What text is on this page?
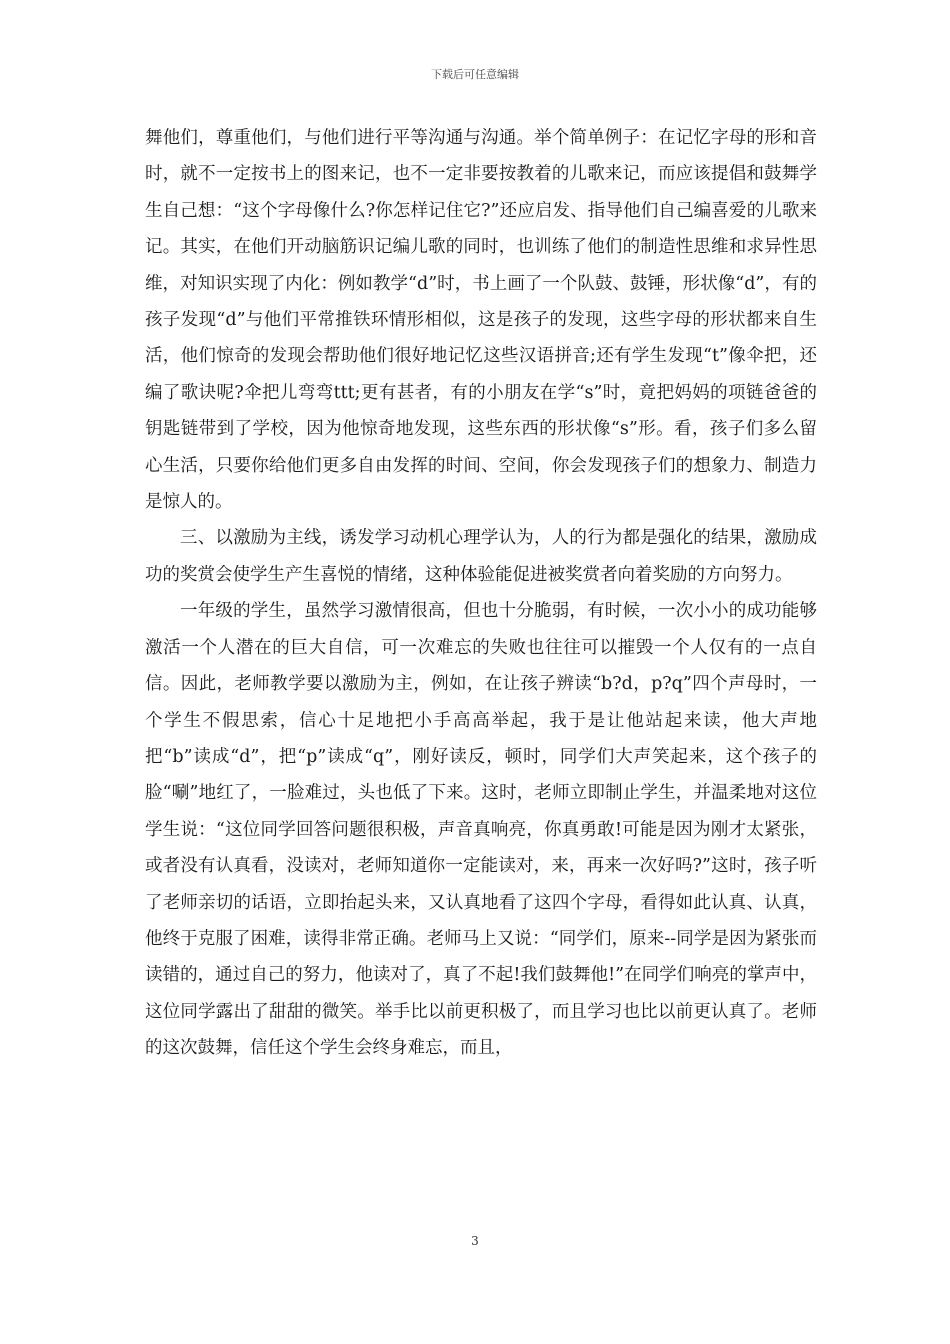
下载后可任意编辑

舞他们，尊重他们，与他们进行平等沟通与沟通。举个简单例子：在记忆字母的形和音时，就不一定按书上的图来记，也不一定非要按教着的儿歌来记，而应该提倡和鼓舞学生自己想：“这个字母像什么?你怎样记住它?”还应启发、指导他们自己编喜爱的儿歌来记。其实，在他们开动脑筋识记编儿歌的同时，也训练了他们的制造性思维和求异性思维，对知识实现了内化：例如教学“d”时，书上画了一个队鼓、鼓锤，形状像“d”，有的孩子发现“d”与他们平常推铁环情形相似，这是孩子的发现，这些字母的形状都来自生活，他们惊奇的发现会帮助他们很好地记忆这些汉语拼音;还有学生发现“t”像伞把，还编了歌诀呢?伞把儿弯弯ttt;更有甚者，有的小朋友在学“s”时，竟把妈妈的项链爸爸的钥匙链带到了学校，因为他惊奇地发现，这些东西的形状像“s”形。看，孩子们多么留心生活，只要你给他们更多自由发挥的时间、空间，你会发现孩子们的想象力、制造力是惊人的。

三、以激励为主线，诱发学习动机心理学认为，人的行为都是强化的结果，激励成功的奖赏会使学生产生喜悦的情绪，这种体验能促进被奖赏者向着奖励的方向努力。

一年级的学生，虽然学习激情很高，但也十分脆弱，有时候，一次小小的成功能够激活一个人潜在的巨大自信，可一次难忘的失败也往往可以摧毁一个人仅有的一点自信。因此，老师教学要以激励为主，例如，在让孩子辨读“b?d，p?q”四个声母时，一个学生不假思索，信心十足地把小手高高举起，我于是让他站起来读，他大声地把“b”读成“d”，把“p”读成“q”，刚好读反，顿时，同学们大声笑起来，这个孩子的脸“唰”地红了，一脸难过，头也低了下来。这时，老师立即制止学生，并温柔地对这位学生说：“这位同学回答问题很积极，声音真响亮，你真勇敢!可能是因为刚才太紧张，或者没有认真看，没读对，老师知道你一定能读对，来，再来一次好吗?”这时，孩子听了老师亲切的话语，立即抬起头来，又认真地看了这四个字母，看得如此认真、认真，他终于克服了困难，读得非常正确。老师马上又说：“同学们，原来--同学是因为紧张而读错的，通过自己的努力，他读对了，真了不起!我们鼓舞他!”在同学们响亮的掌声中，这位同学露出了甜甜的微笑。举手比以前更积极了，而且学习也比以前更认真了。老师的这次鼓舞，信任这个学生会终身难忘，而且，

3
